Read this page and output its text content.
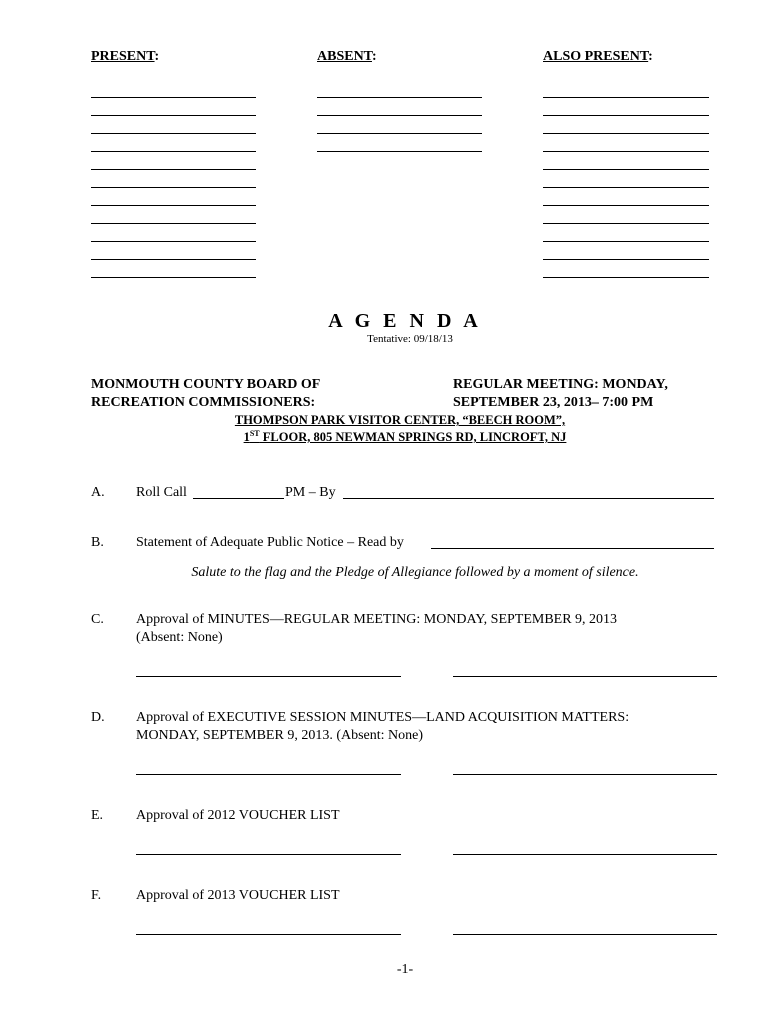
PRESENT:	ABSENT:	ALSO PRESENT:
A G E N D A
Tentative: 09/18/13
MONMOUTH COUNTY BOARD OF
RECREATION COMMISSIONERS:
REGULAR MEETING: MONDAY,
SEPTEMBER 23, 2013– 7:00 PM
THOMPSON PARK VISITOR CENTER, “BEECH ROOM”,
1ST FLOOR, 805 NEWMAN SPRINGS RD, LINCROFT, NJ
A. Roll Call	PM – By
B. Statement of Adequate Public Notice – Read by
Salute to the flag and the Pledge of Allegiance followed by a moment of silence.
C. Approval of MINUTES—REGULAR MEETING: MONDAY, SEPTEMBER 9, 2013
(Absent: None)
D. Approval of EXECUTIVE SESSION MINUTES—LAND ACQUISITION MATTERS:
MONDAY, SEPTEMBER 9, 2013. (Absent: None)
E. Approval of 2012 VOUCHER LIST
F. Approval of 2013 VOUCHER LIST
-1-
